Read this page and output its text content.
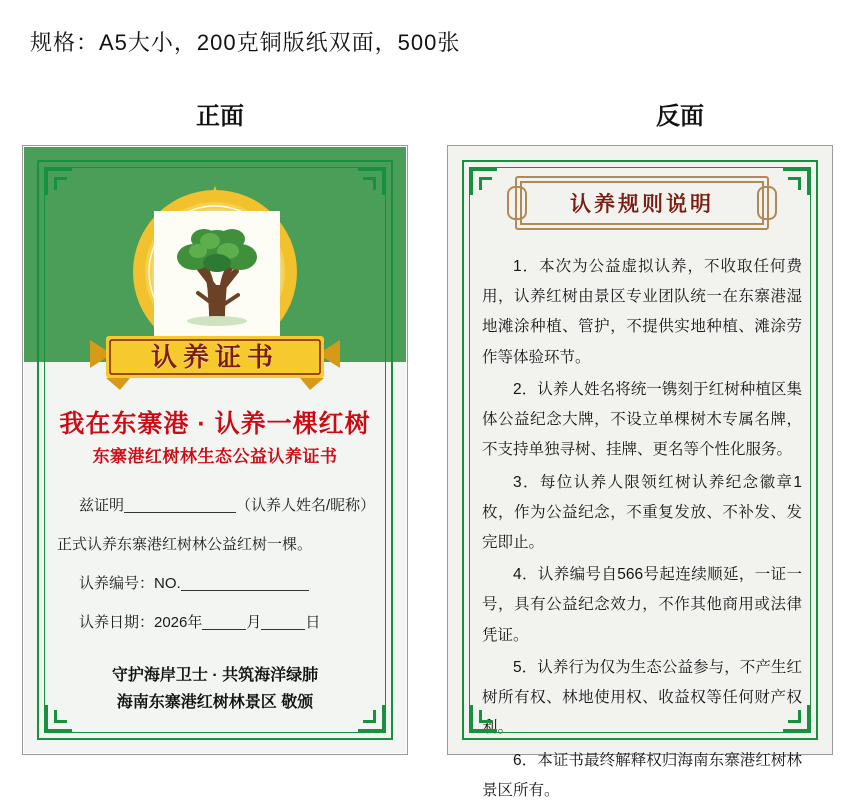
规格：A5大小，200克铜版纸双面，500张
正面	反面
认养证书
我在东寨港 · 认养一棵红树
东寨港红树林生态公益认养证书
兹证明	（认养人姓名/昵称）
正式认养东寨港红树林公益红树一棵。
认养编号：NO.
认养日期：2026年	月	日
守护海岸卫士 · 共筑海洋绿肺
海南东寨港红树林景区 敬颁
认养规则说明
1．本次为公益虚拟认养，不收取任何费用，认养红树由景区专业团队统一在东寨港湿地滩涂种植、管护，不提供实地种植、滩涂劳作等体验环节。
2．认养人姓名将统一镌刻于红树种植区集体公益纪念大牌，不设立单棵树木专属名牌，不支持单独寻树、挂牌、更名等个性化服务。
3．每位认养人限领红树认养纪念徽章1枚，作为公益纪念，不重复发放、不补发、发完即止。
4．认养编号自566号起连续顺延，一证一号，具有公益纪念效力，不作其他商用或法律凭证。
5．认养行为仅为生态公益参与，不产生红树所有权、林地使用权、收益权等任何财产权利。
6．本证书最终解释权归海南东寨港红树林景区所有。
